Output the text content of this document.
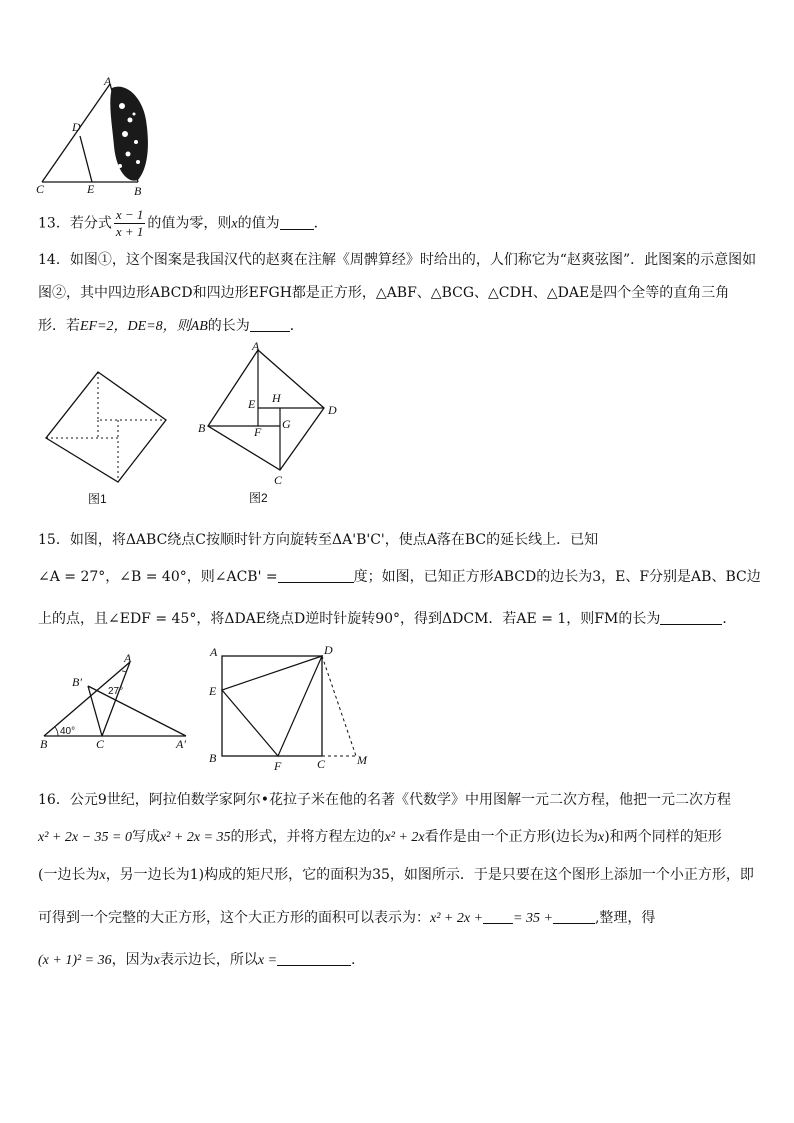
A
D
C	E	B
13．若分式 $\frac{x - 1}{x + 1}$ 的值为零，则x的值为 ．
14．如图①，这个图案是我国汉代的赵爽在注解《周髀算经》时给出的，人们称它为“赵爽弦图”．此图案的示意图如
图②，其中四边形ABCD和四边形EFGH都是正方形，△ABF、△BCG、△CDH、△DAE是四个全等的直角三角
形．若EF=2，DE=8，则AB的长为	．
图1
A
B
C
D
E
F
G
H
图2
15．如图，将ΔABC绕点C按顺时针方向旋转至ΔA'B'C'，使点A落在BC的延长线上．已知
∠A = 27°，∠B = 40°，则∠ACB' =	度；如图，已知正方形ABCD的边长为3，E、F分别是AB、BC边
上的点，且∠EDF = 45°，将ΔDAE绕点D逆时针旋转90°，得到ΔDCM．若AE = 1，则FM的长为	．
A
B′
B	C	A′
27°
40°
A	D
E
B
F	C	M
16．公元9世纪，阿拉伯数学家阿尔•花拉子米在他的名著《代数学》中用图解一元二次方程，他把一元二次方程
x² + 2x − 35 = 0写成x² + 2x = 35的形式，并将方程左边的x² + 2x看作是由一个正方形(边长为x)和两个同样的矩形
(一边长为x，另一边长为1)构成的矩尺形，它的面积为35，如图所示．于是只要在这个图形上添加一个小正方形，即
可得到一个完整的大正方形，这个大正方形的面积可以表示为：x² + 2x + = 35 +	,整理，得
(x + 1)² = 36，因为x表示边长，所以x =	.
